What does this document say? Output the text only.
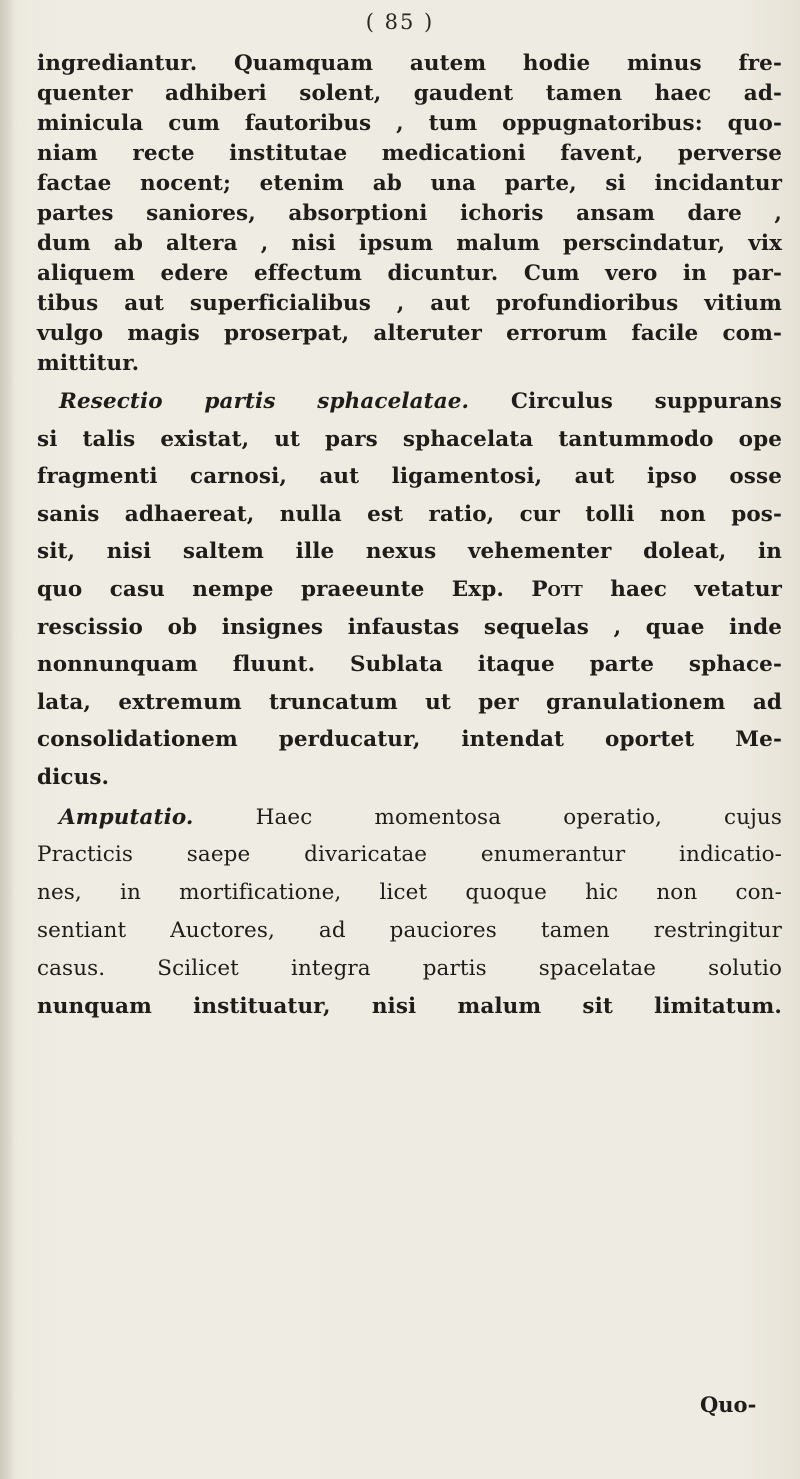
( 85 )
ingrediantur. Quamquam autem hodie minus fre-
quenter adhiberi solent, gaudent tamen haec ad-
minicula cum fautoribus , tum oppugnatoribus: quo-
niam recte institutae medicationi favent, perverse
factae nocent; etenim ab una parte, si incidantur
partes saniores, absorptioni ichoris ansam dare ,
dum ab altera , nisi ipsum malum perscindatur, vix
aliquem edere effectum dicuntur. Cum vero in par-
tibus aut superficialibus , aut profundioribus vitium
vulgo magis proserpat, alteruter errorum facile com-
mittitur.
Resectio partis sphacelatae. Circulus suppurans
si talis existat, ut pars sphacelata tantummodo ope
fragmenti carnosi, aut ligamentosi, aut ipso osse
sanis adhaereat, nulla est ratio, cur tolli non pos-
sit, nisi saltem ille nexus vehementer doleat, in
quo casu nempe praeeunte Exp. Pott haec vetatur
rescissio ob insignes infaustas sequelas , quae inde
nonnunquam fluunt. Sublata itaque parte sphace-
lata, extremum truncatum ut per granulationem ad
consolidationem perducatur, intendat oportet Me-
dicus.
Amputatio.	Haec momentosa operatio, cujus
Practicis saepe divaricatae enumerantur indicatio-
nes, in mortificatione, licet quoque hic non con-
sentiant Auctores, ad pauciores tamen restringitur
casus. Scilicet integra partis spacelatae solutio
nunquam instituatur, nisi malum sit limitatum.
Quo-
